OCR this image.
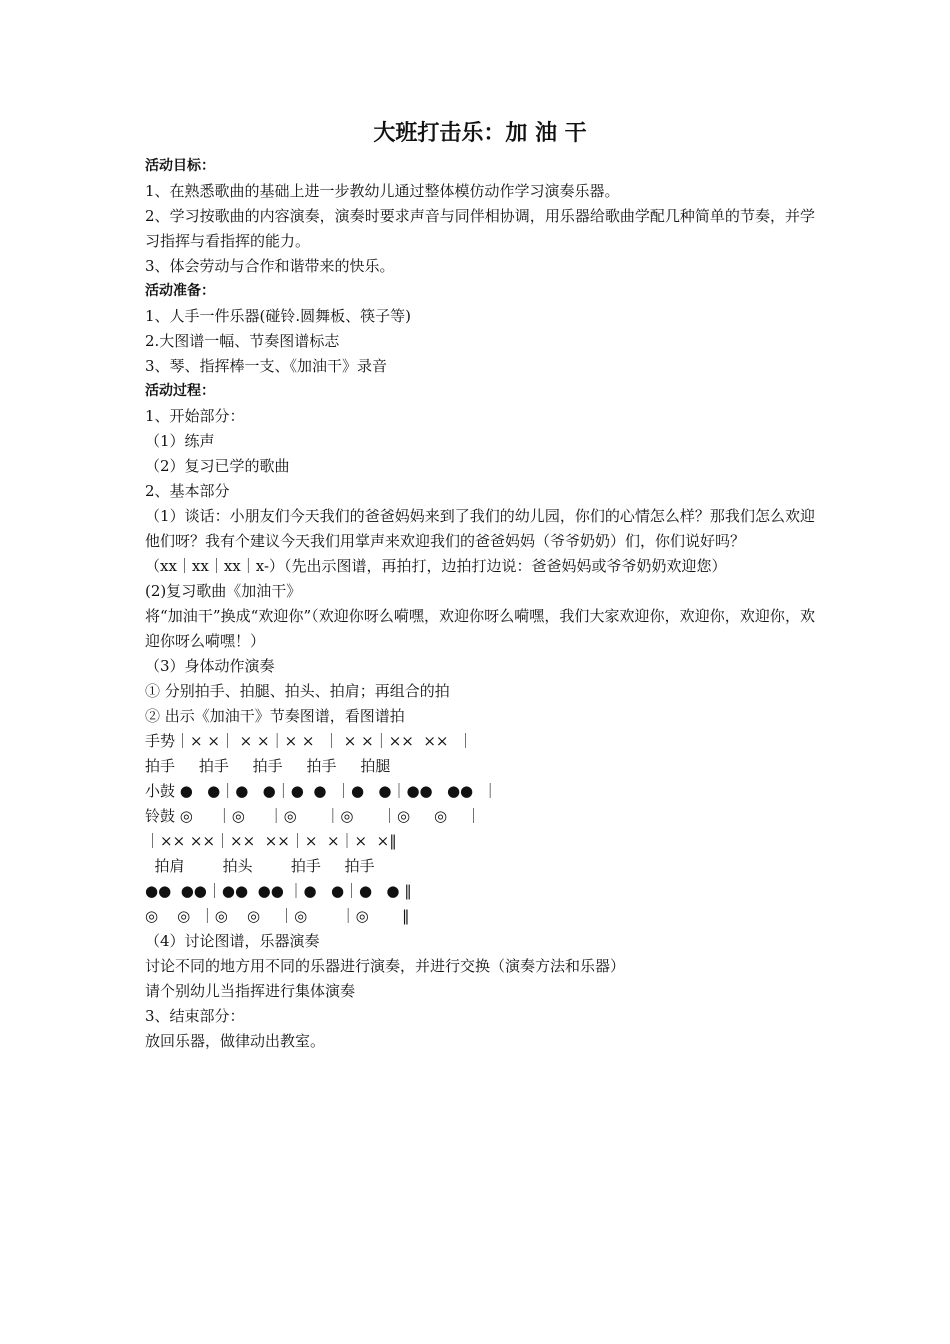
大班打击乐：加 油 干
活动目标：
1、在熟悉歌曲的基础上进一步教幼儿通过整体模仿动作学习演奏乐器。
2、学习按歌曲的内容演奏，演奏时要求声音与同伴相协调，用乐器给歌曲学配几种简单的节奏，并学习指挥与看指挥的能力。
3、体会劳动与合作和谐带来的快乐。
活动准备：
1、人手一件乐器(碰铃.圆舞板、筷子等)
2.大图谱一幅、节奏图谱标志
3、琴、指挥棒一支、《加油干》录音
活动过程：
1、开始部分：
（1）练声
（2）复习已学的歌曲
2、基本部分
（1）谈话：小朋友们今天我们的爸爸妈妈来到了我们的幼儿园，你们的心情怎么样？那我们怎么欢迎他们呀？我有个建议今天我们用掌声来欢迎我们的爸爸妈妈（爷爷奶奶）们，你们说好吗？
（xx｜xx｜xx｜x-）（先出示图谱，再拍打，边拍打边说：爸爸妈妈或爷爷奶奶欢迎您）
(2)复习歌曲《加油干》
将“加油干”换成“欢迎你”（欢迎你呀么嗬嘿，欢迎你呀么嗬嘿，我们大家欢迎你，欢迎你，欢迎你，欢迎你呀么嗬嘿！）
（3）身体动作演奏
① 分别拍手、拍腿、拍头、拍肩；再组合的拍
② 出示《加油干》节奏图谱，看图谱拍
手势｜× ×｜ × ×｜× ×  ｜ × ×｜××  ××  ｜
拍手     拍手     拍手     拍手     拍腿
小鼓 ●   ●｜●   ●｜●  ●  ｜●   ●｜●●   ●●  ｜
铃鼓 ◎     ｜◎     ｜◎      ｜◎      ｜◎     ◎    ｜
｜×× ××｜××  ××｜×  ×｜×  ×‖
拍肩        拍头        拍手     拍手
●●  ●●｜●●  ●● ｜●   ●｜●   ● ‖
◎    ◎  ｜◎    ◎    ｜◎       ｜◎       ‖
（4）讨论图谱，乐器演奏
讨论不同的地方用不同的乐器进行演奏，并进行交换（演奏方法和乐器）
请个别幼儿当指挥进行集体演奏
3、结束部分：
放回乐器，做律动出教室。
